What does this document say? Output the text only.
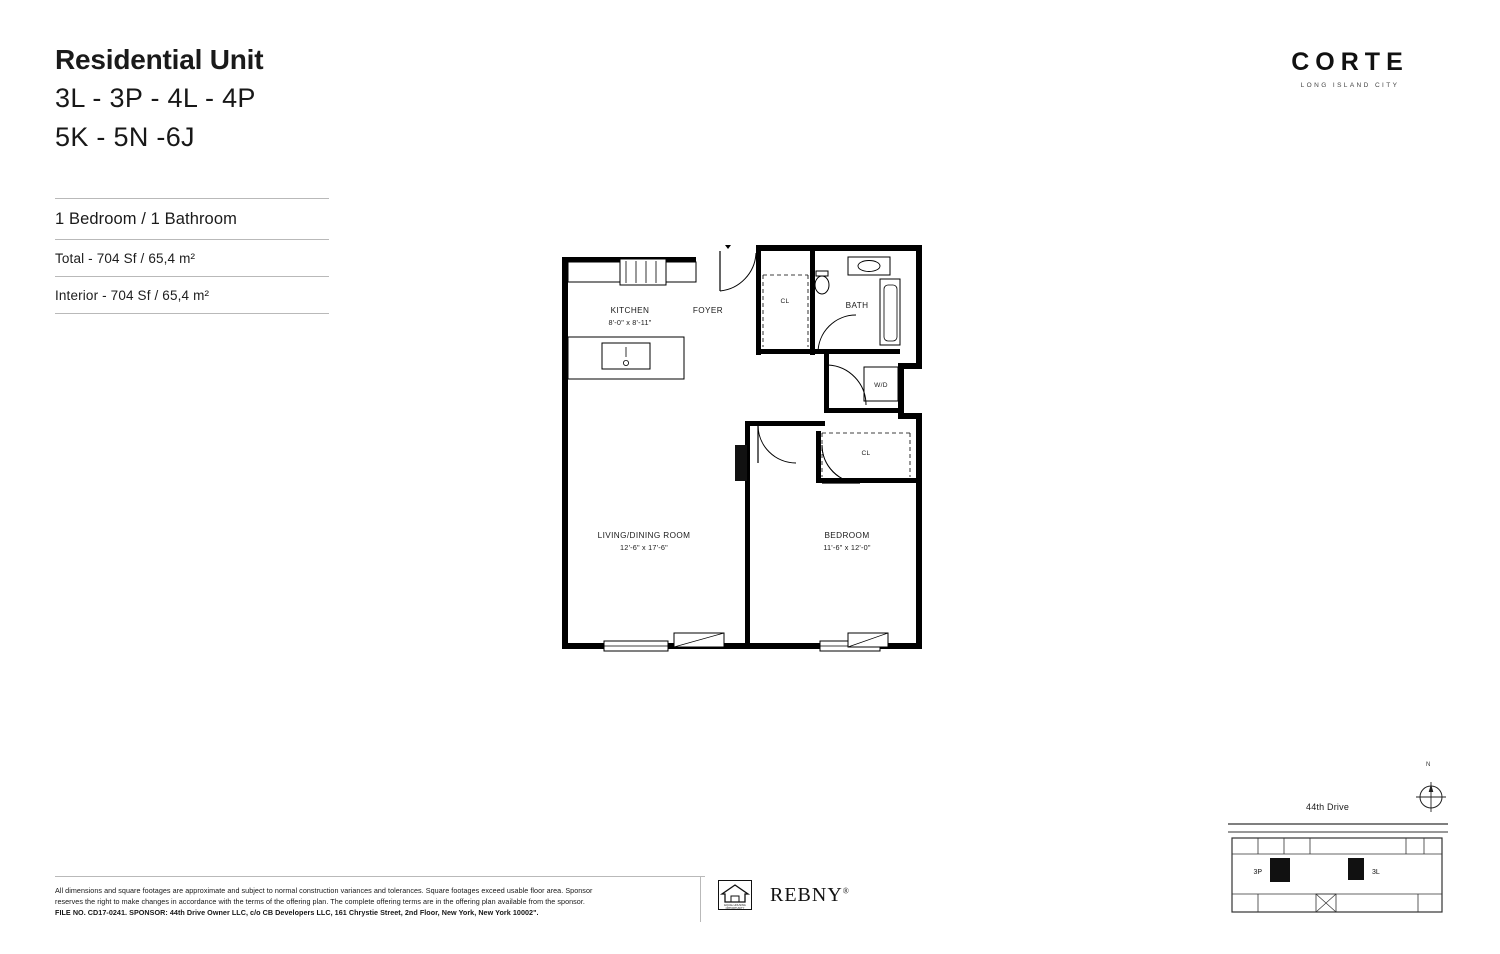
Residential Unit
3L - 3P - 4L - 4P
5K - 5N -6J
CORTE
LONG ISLAND CITY
1 Bedroom / 1 Bathroom
Total - 704 Sf / 65,4 m²
Interior - 704 Sf / 65,4 m²
KITCHEN
8'-0" x 8'-11"
FOYER
CL	BATH
W/D
CL
LIVING/DINING ROOM
12'-6" x 17'-6"
BEDROOM
11'-6" x 12'-0"
All dimensions and square footages are approximate and subject to normal construction variances and tolerances. Square footages exceed usable floor area. Sponsor
reserves the right to make changes in accordance with the terms of the offering plan. The complete offering terms are in the offering plan available from the sponsor.
FILE NO. CD17-0241. SPONSOR: 44th Drive Owner LLC, c/o CB Developers LLC, 161 Chrystie Street, 2nd Floor, New York, New York 10002".
EQUAL HOUSING
OPPORTUNITY
REBNY®
44th Drive
N
3P	3L
